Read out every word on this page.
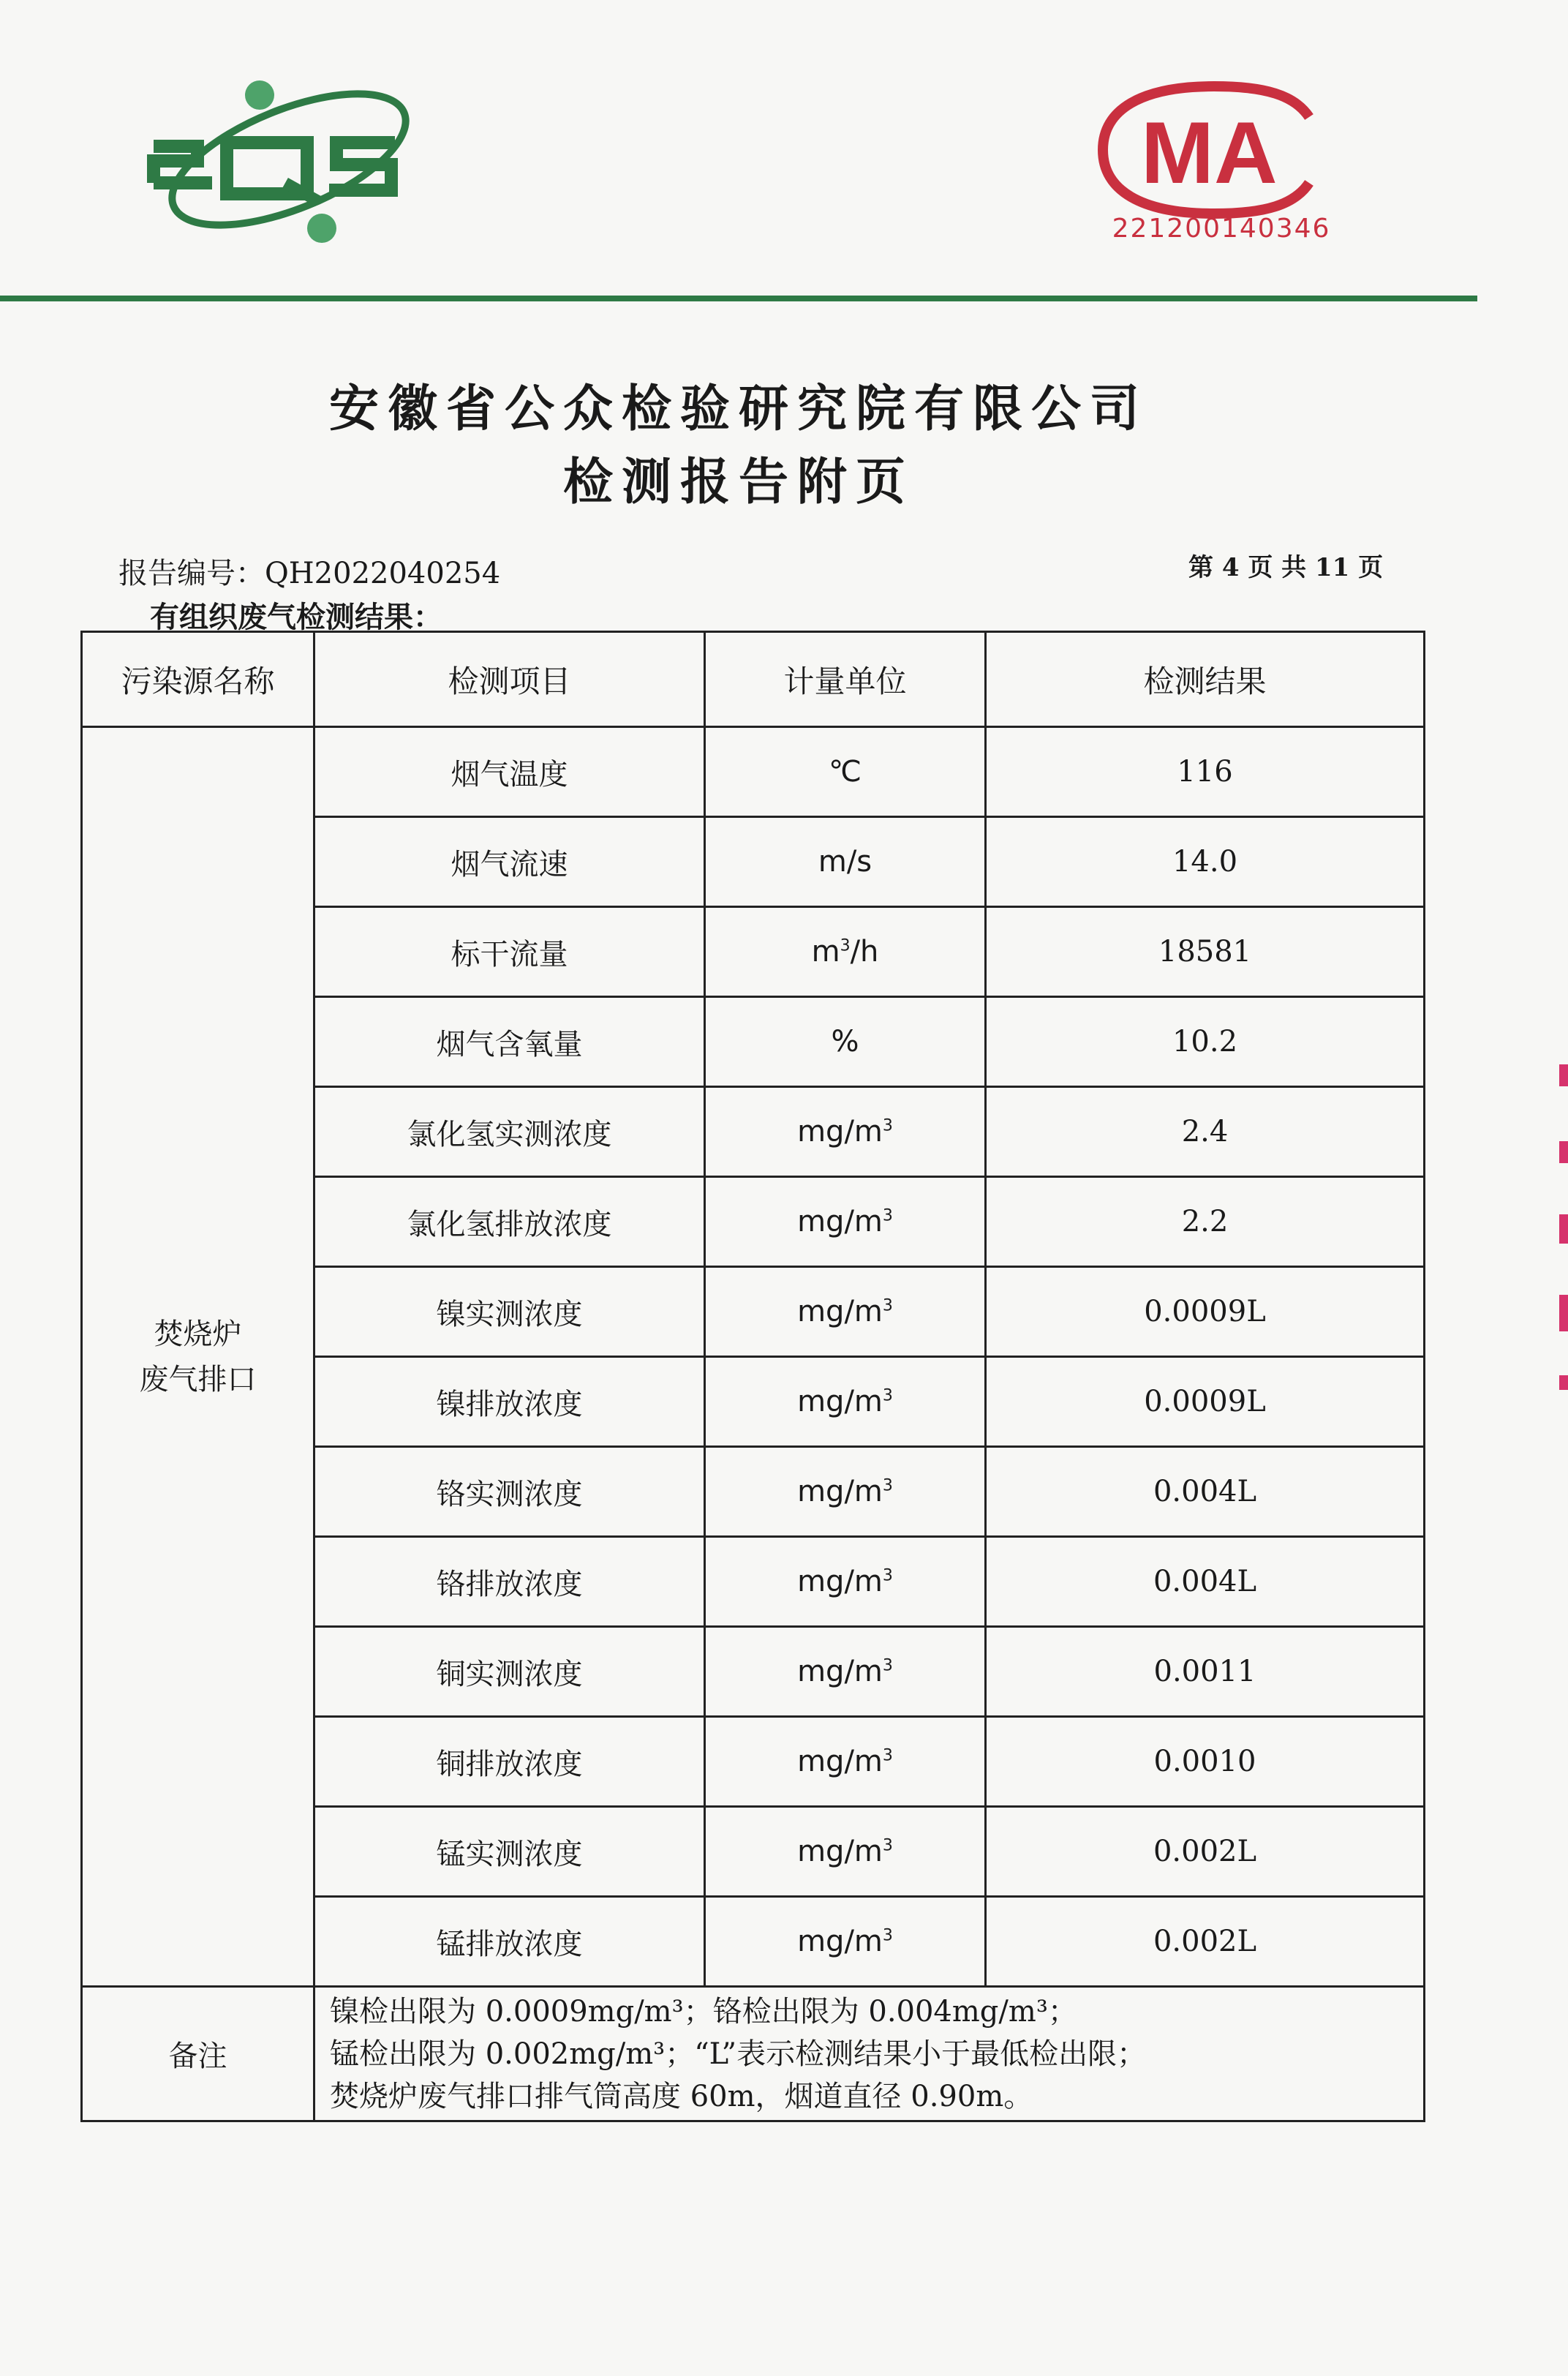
MA
221200140346
安徽省公众检验研究院有限公司
检测报告附页
报告编号：QH2022040254	第 4 页 共 11 页
有组织废气检测结果：
污染源名称	检测项目	计量单位	检测结果

焚烧炉
废气排口	烟气温度	℃	116
	烟气流速	m/s	14.0
	标干流量	$m^3/h$	18581
	烟气含氧量	%	10.2
	氯化氢实测浓度	$mg/m^3$	2.4
	氯化氢排放浓度	$mg/m^3$	2.2
	镍实测浓度	$mg/m^3$	0.0009L
	镍排放浓度	$mg/m^3$	0.0009L
	铬实测浓度	$mg/m^3$	0.004L
	铬排放浓度	$mg/m^3$	0.004L
	铜实测浓度	$mg/m^3$	0.0011
	铜排放浓度	$mg/m^3$	0.0010
	锰实测浓度	$mg/m^3$	0.002L
	锰排放浓度	$mg/m^3$	0.002L
备注	镍检出限为 0.0009mg/m³；铬检出限为 0.004mg/m³；
锰检出限为 0.002mg/m³；“L”表示检测结果小于最低检出限；
焚烧炉废气排口排气筒高度 60m，烟道直径 0.90m。		
